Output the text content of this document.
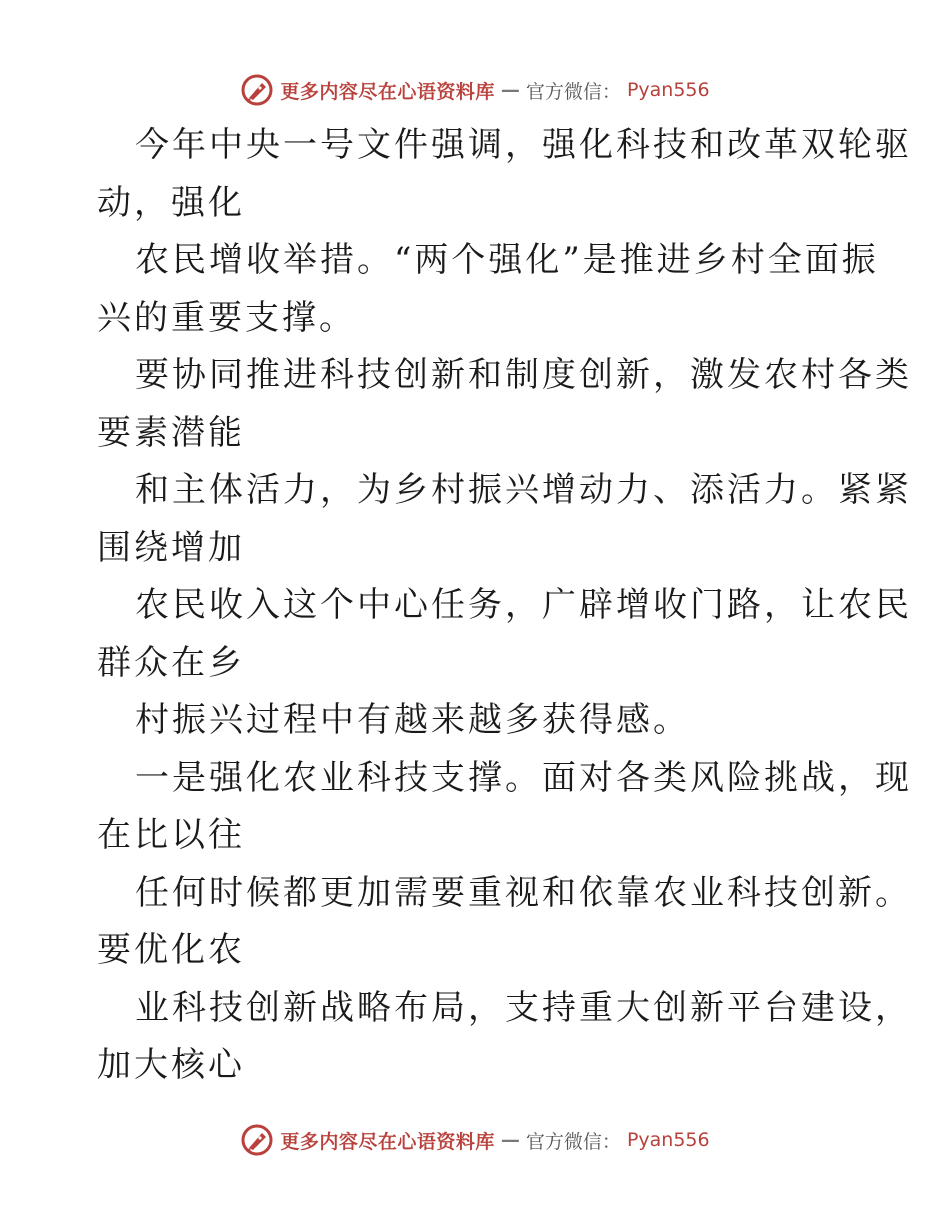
更多内容尽在心语资料库 — 官方微信： Pyan556
今年中央一号文件强调，强化科技和改革双轮驱
动，强化
农民增收举措。“两个强化”是推进乡村全面振
兴的重要支撑。
要协同推进科技创新和制度创新，激发农村各类
要素潜能
和主体活力，为乡村振兴增动力、添活力。紧紧
围绕增加
农民收入这个中心任务，广辟增收门路，让农民
群众在乡
村振兴过程中有越来越多获得感。
一是强化农业科技支撑。面对各类风险挑战，现
在比以往
任何时候都更加需要重视和依靠农业科技创新。
要优化农
业科技创新战略布局，支持重大创新平台建设，
加大核心
更多内容尽在心语资料库 — 官方微信： Pyan556
